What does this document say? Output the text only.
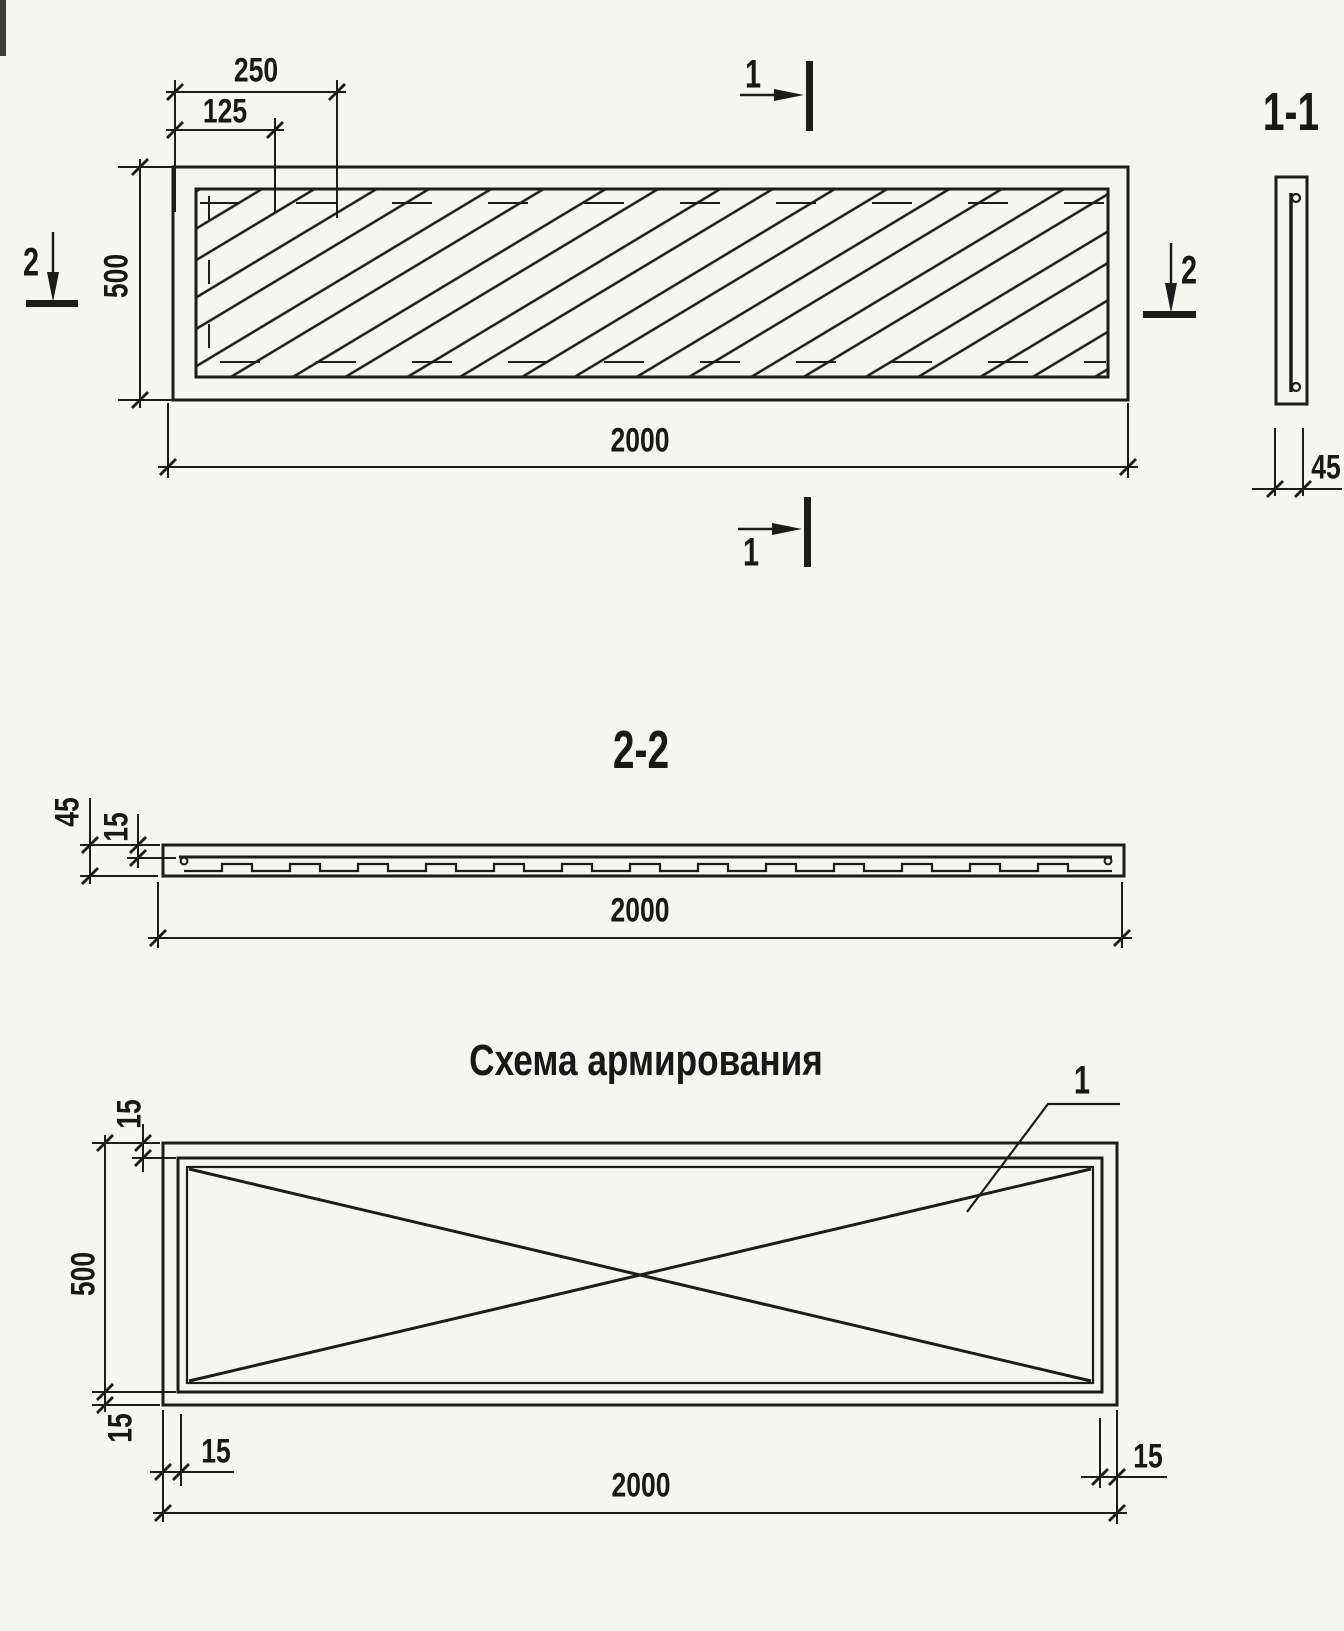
250
125
500
2000
1
1
2	2
1-1
45
2-2
45
15
2000
Схема армирования	1
15
500
15
15	15
2000
